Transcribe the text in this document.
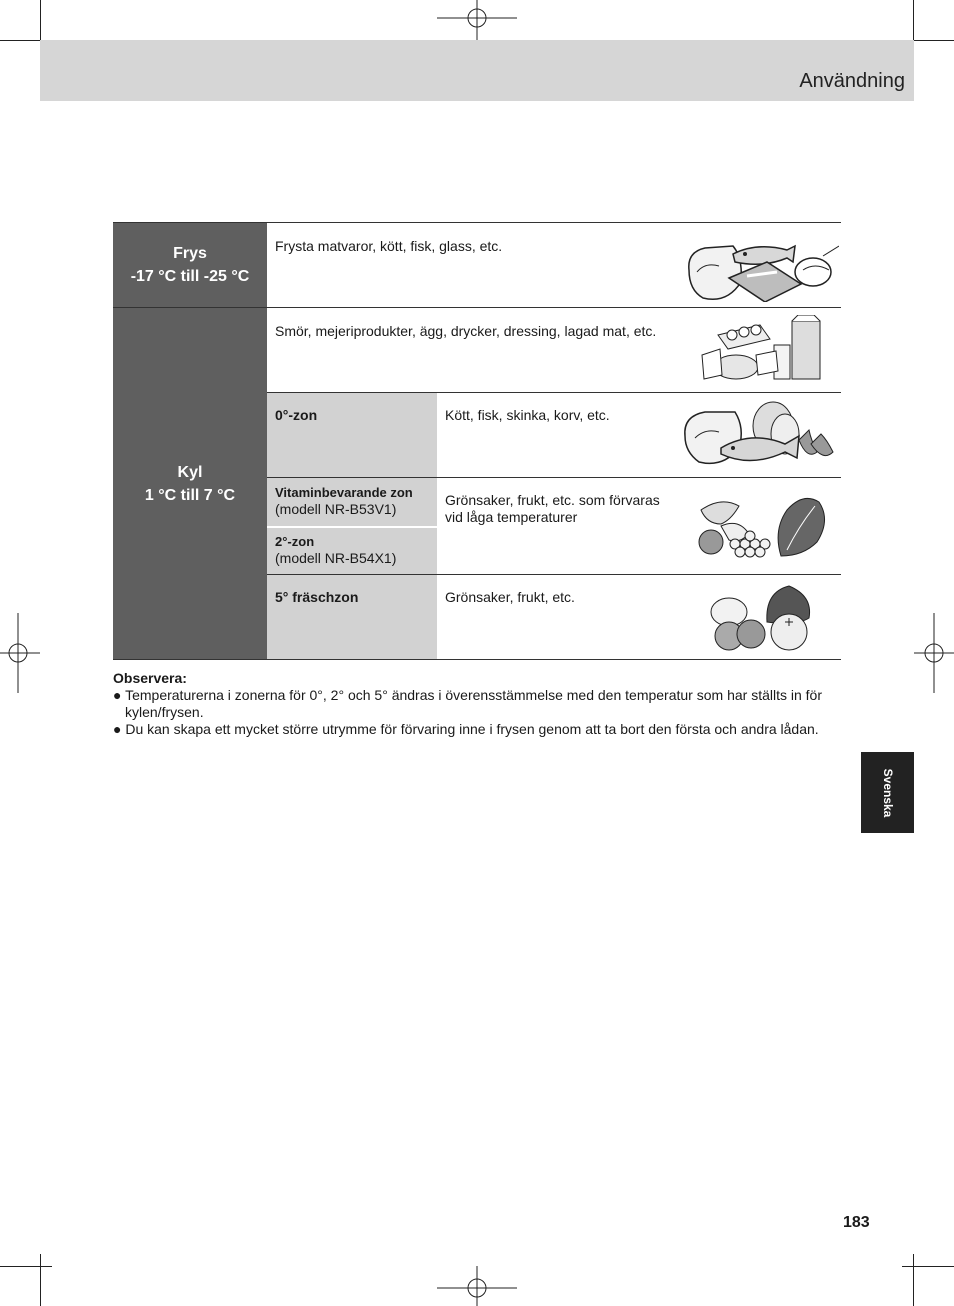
Användning
Frys
-17 °C till -25 °C
Frysta matvaror, kött, fisk, glass, etc.
Kyl
1 °C till 7 °C
Smör, mejeriprodukter, ägg, drycker, dressing, lagad mat, etc.
0°-zon	Kött, fisk, skinka, korv, etc.
Vitaminbevarande zon
(modell NR-B53V1)
Grönsaker, frukt, etc. som förvaras vid låga temperaturer
2°-zon
(modell NR-B54X1)
5° fräschzon	Grönsaker, frukt, etc.
Observera:
● Temperaturerna i zonerna för 0°, 2° och 5° ändras i överensstämmelse med den temperatur som har ställts in för kylen/frysen.
● Du kan skapa ett mycket större utrymme för förvaring inne i frysen genom att ta bort den första och andra lådan.
Svenska
183
